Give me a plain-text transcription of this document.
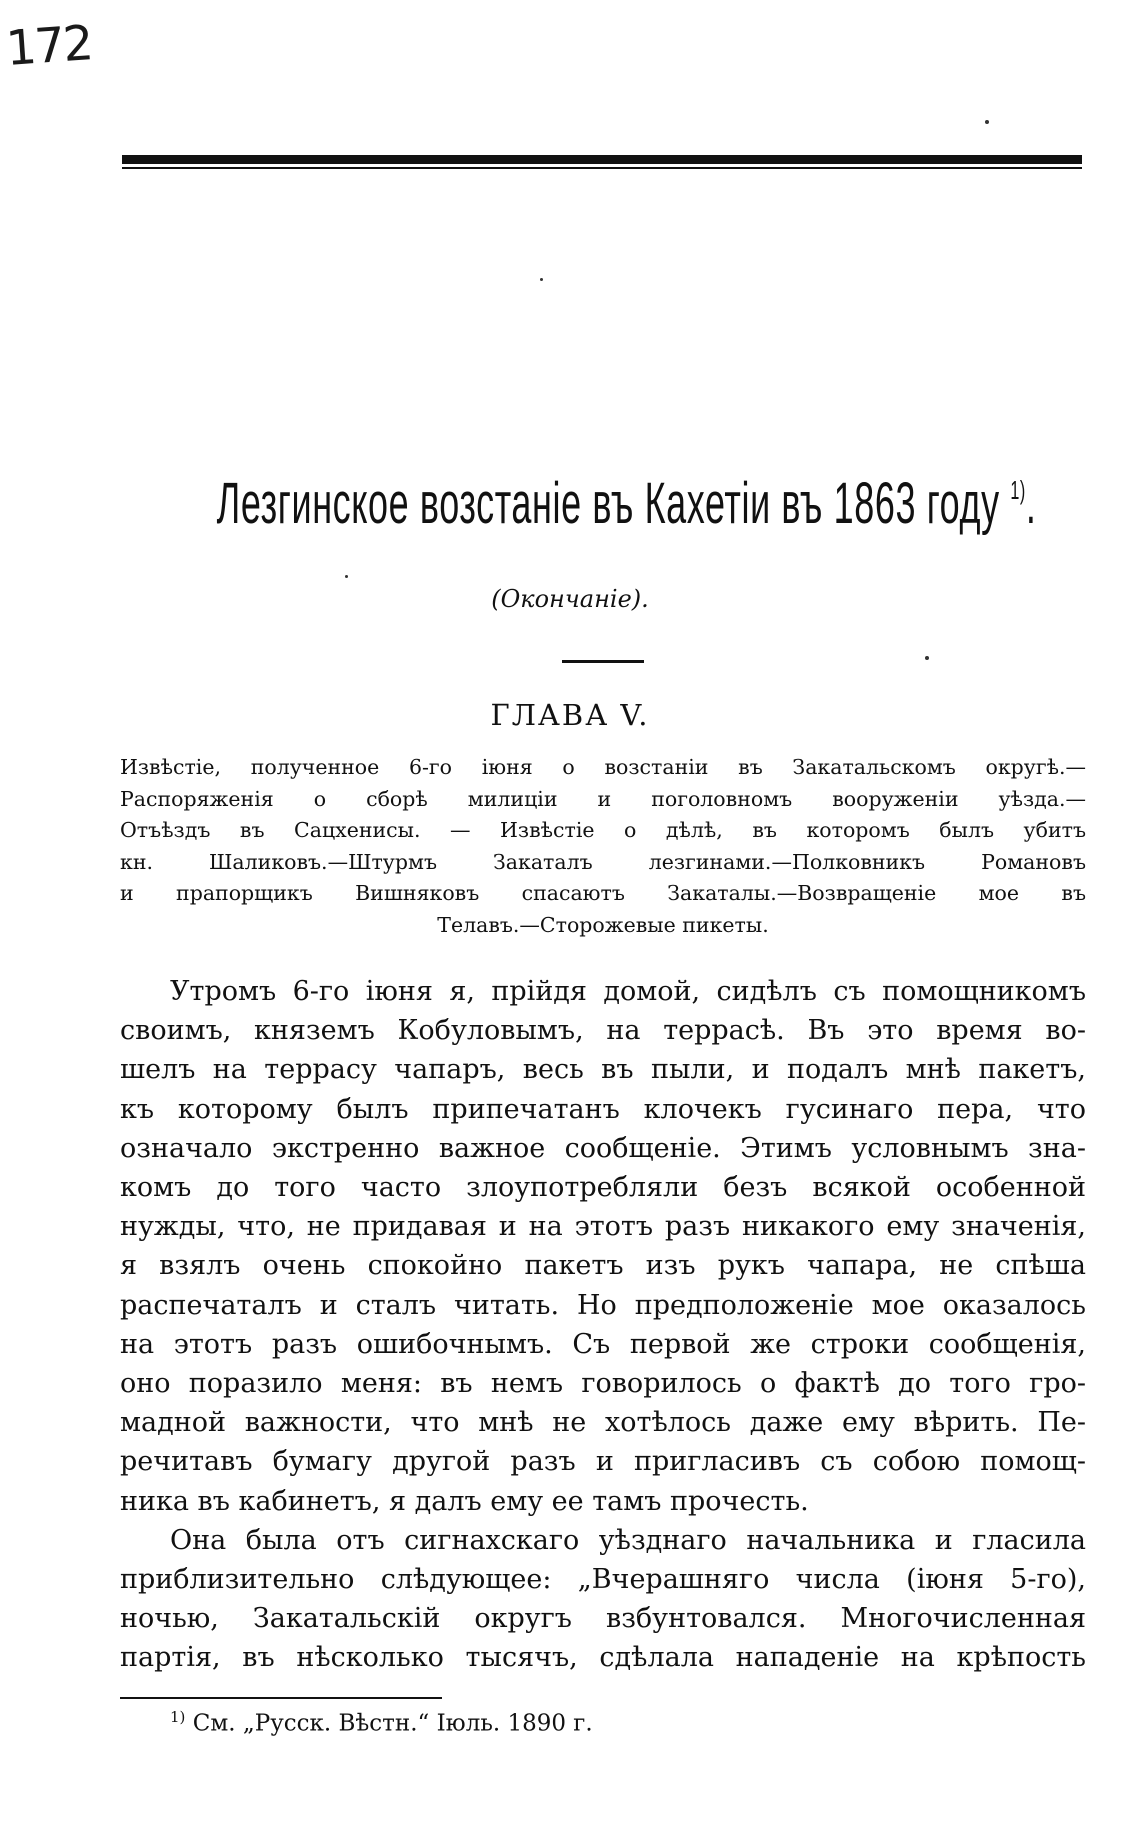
172
Лезгинское возстаніе въ Кахетіи въ 1863 году $^{1)}$.
(Окончаніе).
ГЛАВА V.
Извѣстіе, полученное 6-го іюня о возстаніи въ Закатальскомъ округѣ.—
Распоряженія о сборѣ милиціи и поголовномъ вооруженіи уѣзда.—
Отъѣздъ въ Сацхенисы. — Извѣстіе о дѣлѣ, въ которомъ былъ убитъ
кн. Шаликовъ.—Штурмъ Закаталъ лезгинами.—Полковникъ Романовъ
и прапорщикъ Вишняковъ спасаютъ Закаталы.—Возвращеніе мое въ
Телавъ.—Сторожевые пикеты.
Утромъ 6-го іюня я, прійдя домой, сидѣлъ съ помощникомъ
своимъ, княземъ Кобуловымъ, на террасѣ. Въ это время во-
шелъ на террасу чапаръ, весь въ пыли, и подалъ мнѣ пакетъ,
къ которому былъ припечатанъ клочекъ гусинаго пера, что
означало экстренно важное сообщеніе. Этимъ условнымъ зна-
комъ до того часто злоупотребляли безъ всякой особенной
нужды, что, не придавая и на этотъ разъ никакого ему значенія,
я взялъ очень спокойно пакетъ изъ рукъ чапара, не спѣша
распечаталъ и сталъ читать. Но предположеніе мое оказалось
на этотъ разъ ошибочнымъ. Съ первой же строки сообщенія,
оно поразило меня: въ немъ говорилось о фактѣ до того гро-
мадной важности, что мнѣ не хотѣлось даже ему вѣрить. Пе-
речитавъ бумагу другой разъ и пригласивъ съ собою помощ-
ника въ кабинетъ, я далъ ему ее тамъ прочесть.
Она была отъ сигнахскаго уѣзднаго начальника и гласила
приблизительно слѣдующее: „Вчерашняго числа (іюня 5-го),
ночью, Закатальскій округъ взбунтовался. Многочисленная
партія, въ нѣсколько тысячъ, сдѣлала нападеніе на крѣпость
$^{1)}$ См. „Русск. Вѣстн.“ Іюль. 1890 г.
